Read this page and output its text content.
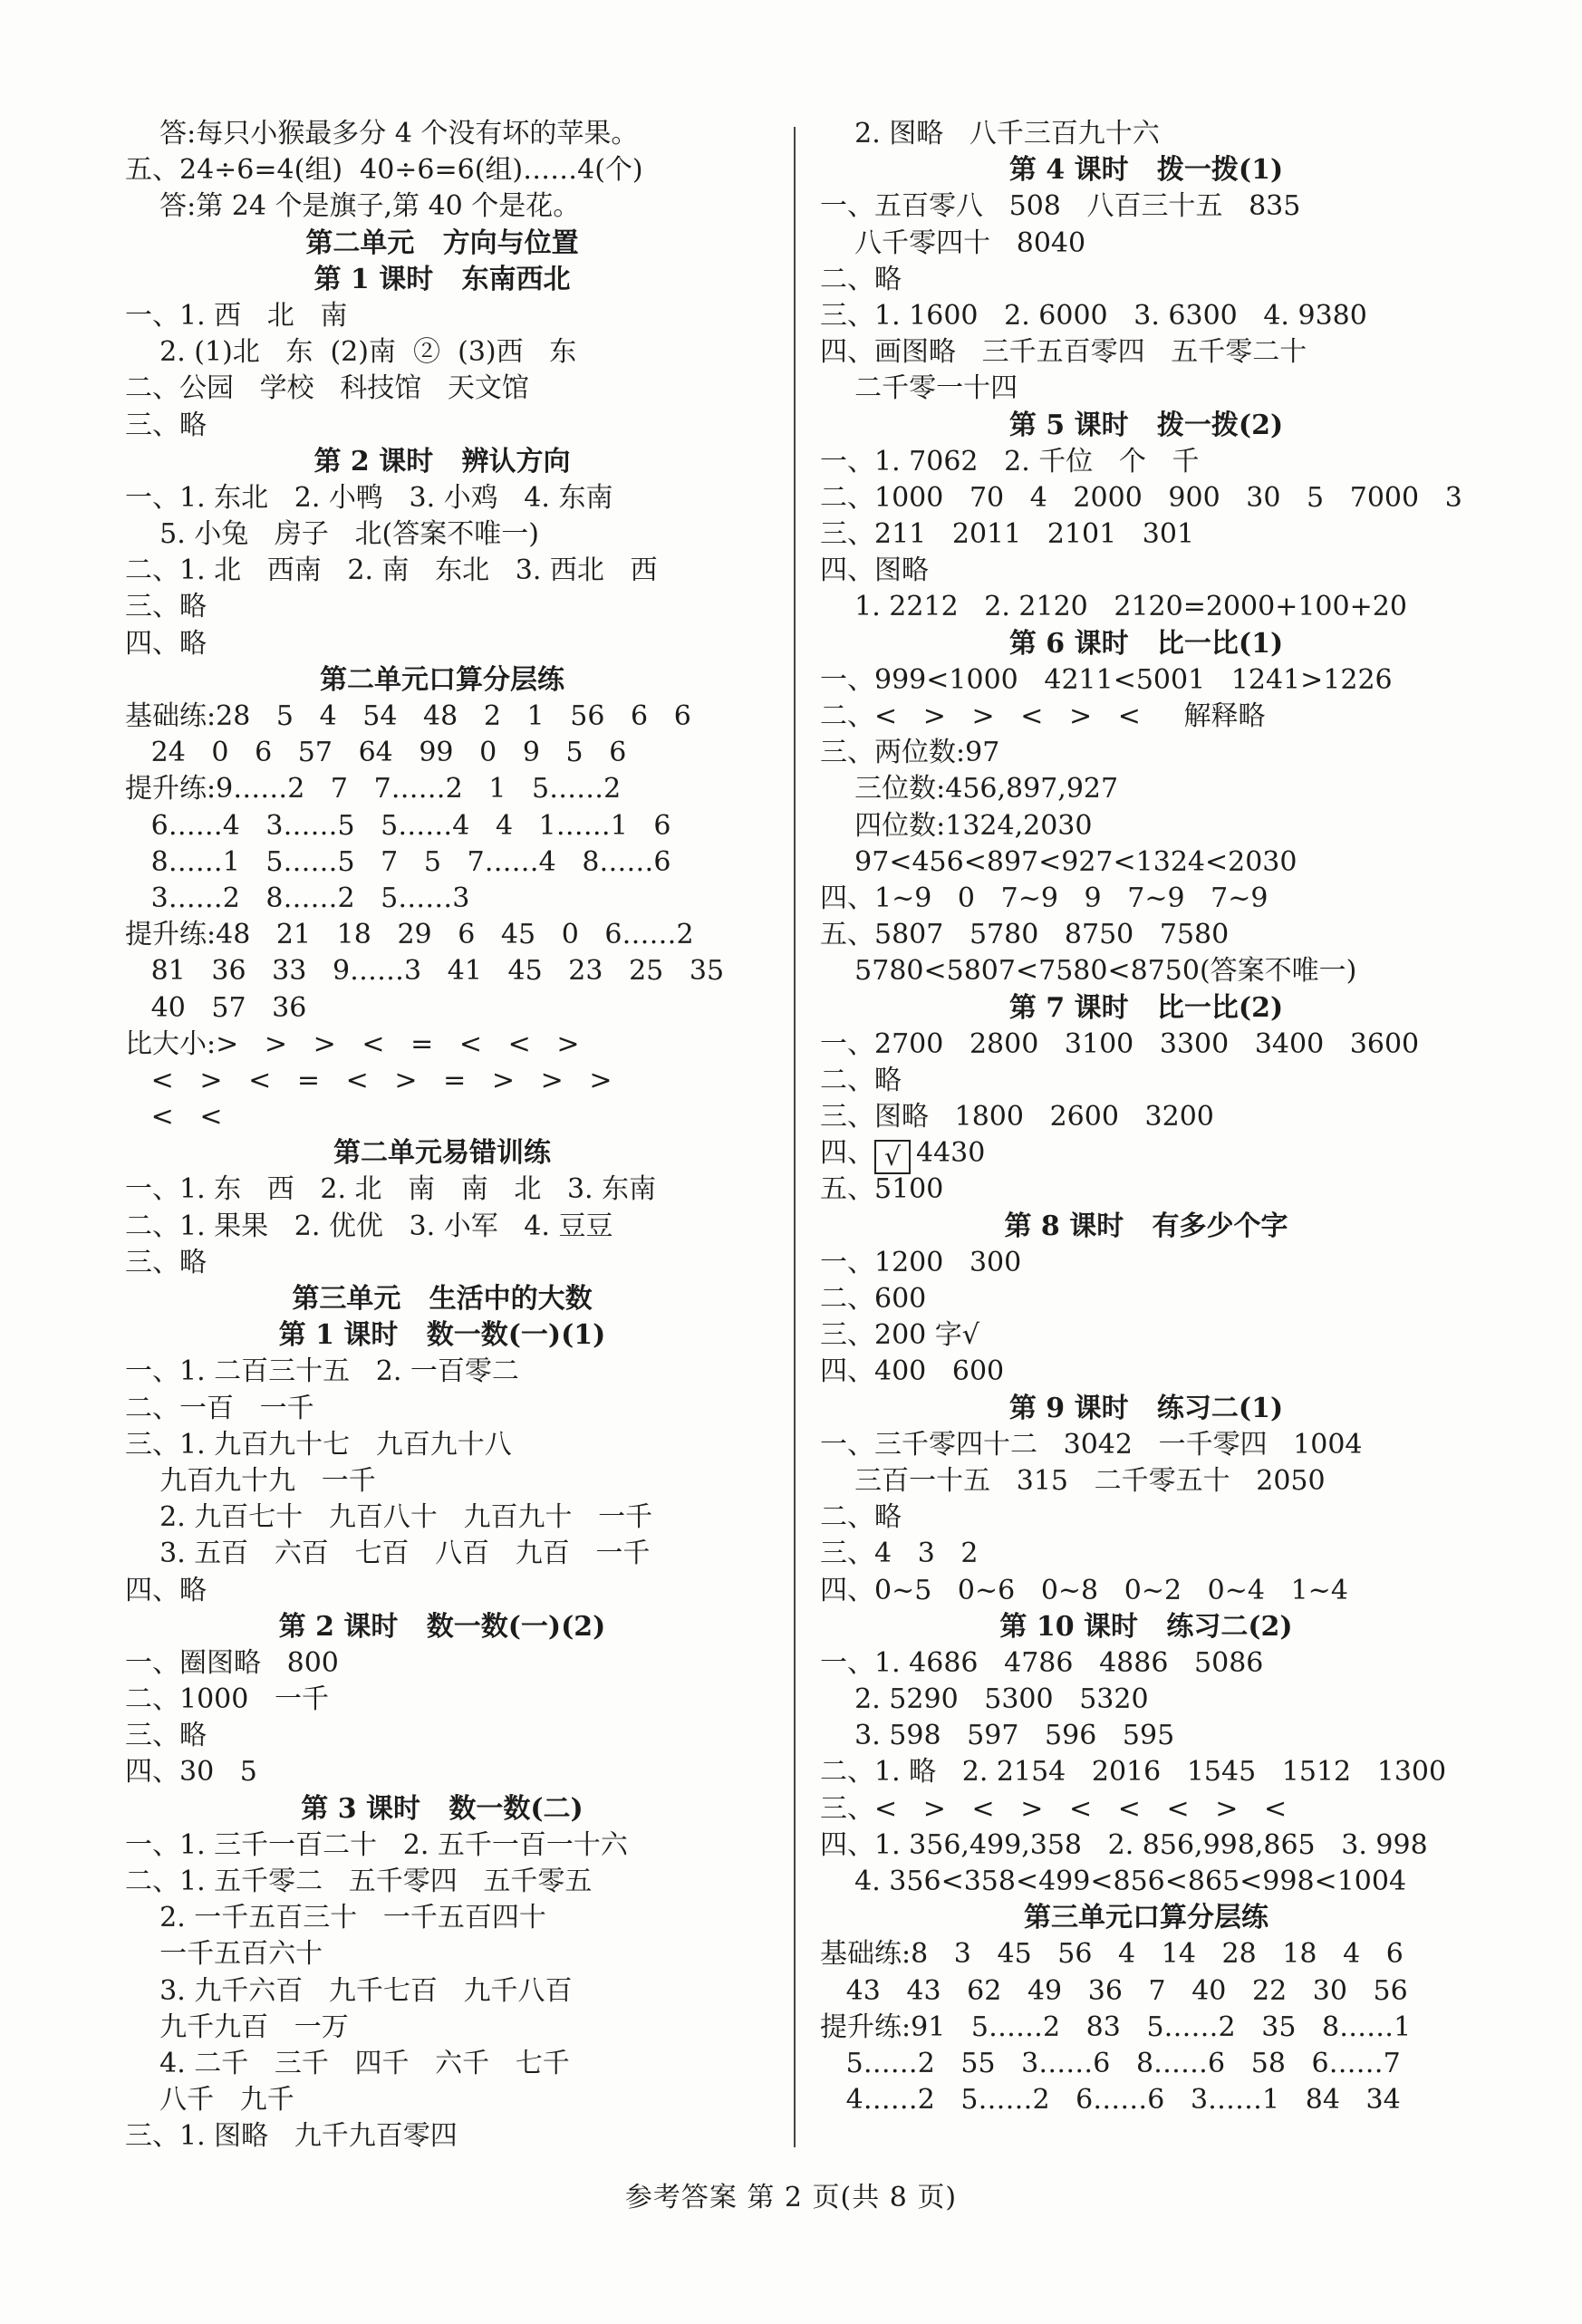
答:每只小猴最多分 4 个没有坏的苹果。
五、24÷6=4(组)  40÷6=6(组)……4(个)
答:第 24 个是旗子,第 40 个是花。
第二单元   方向与位置
第 1 课时   东南西北
一、1. 西   北   南
2. (1)北   东  (2)南  ②  (3)西   东
二、公园   学校   科技馆   天文馆
三、略
第 2 课时   辨认方向
一、1. 东北   2. 小鸭   3. 小鸡   4. 东南
5. 小兔   房子   北(答案不唯一)
二、1. 北   西南   2. 南   东北   3. 西北   西
三、略
四、略
第二单元口算分层练
基础练:28   5   4   54   48   2   1   56   6   6
24   0   6   57   64   99   0   9   5   6
提升练:9……2   7   7……2   1   5……2
6……4   3……5   5……4   4   1……1   6
8……1   5……5   7   5   7……4   8……6
3……2   8……2   5……3
提升练:48   21   18   29   6   45   0   6……2
81   36   33   9……3   41   45   23   25   35
40   57   36
比大小:>   >   >   <   =   <   <   >
<   >   <   =   <   >   =   >   >   >
<   <
第二单元易错训练
一、1. 东   西   2. 北   南   南   北   3. 东南
二、1. 果果   2. 优优   3. 小军   4. 豆豆
三、略
第三单元   生活中的大数
第 1 课时   数一数(一)(1)
一、1. 二百三十五   2. 一百零二
二、一百   一千
三、1. 九百九十七   九百九十八
九百九十九   一千
2. 九百七十   九百八十   九百九十   一千
3. 五百   六百   七百   八百   九百   一千
四、略
第 2 课时   数一数(一)(2)
一、圈图略   800
二、1000   一千
三、略
四、30   5
第 3 课时   数一数(二)
一、1. 三千一百二十   2. 五千一百一十六
二、1. 五千零二   五千零四   五千零五
2. 一千五百三十   一千五百四十
一千五百六十
3. 九千六百   九千七百   九千八百
九千九百   一万
4. 二千   三千   四千   六千   七千
八千   九千
三、1. 图略   九千九百零四
2. 图略   八千三百九十六
第 4 课时   拨一拨(1)
一、五百零八   508   八百三十五   835
八千零四十   8040
二、略
三、1. 1600   2. 6000   3. 6300   4. 9380
四、画图略   三千五百零四   五千零二十
二千零一十四
第 5 课时   拨一拨(2)
一、1. 7062   2. 千位   个   千
二、1000   70   4   2000   900   30   5   7000   3
三、211   2011   2101   301
四、图略
1. 2212   2. 2120   2120=2000+100+20
第 6 课时   比一比(1)
一、999<1000   4211<5001   1241>1226
二、<   >   >   <   >   <     解释略
三、两位数:97
三位数:456,897,927
四位数:1324,2030
97<456<897<927<1324<2030
四、1~9   0   7~9   9   7~9   7~9
五、5807   5780   8750   7580
5780<5807<7580<8750(答案不唯一)
第 7 课时   比一比(2)
一、2700   2800   3100   3300   3400   3600
二、略
三、图略   1800   2600   3200
四、 √ 4430
五、5100
第 8 课时   有多少个字
一、1200   300
二、600
三、200 字√
四、400   600
第 9 课时   练习二(1)
一、三千零四十二   3042   一千零四   1004
三百一十五   315   二千零五十   2050
二、略
三、4   3   2
四、0~5   0~6   0~8   0~2   0~4   1~4
第 10 课时   练习二(2)
一、1. 4686   4786   4886   5086
2. 5290   5300   5320
3. 598   597   596   595
二、1. 略   2. 2154   2016   1545   1512   1300
三、<   >   <   >   <   <   <   >   <
四、1. 356,499,358   2. 856,998,865   3. 998
4. 356<358<499<856<865<998<1004
第三单元口算分层练
基础练:8   3   45   56   4   14   28   18   4   6
43   43   62   49   36   7   40   22   30   56
提升练:91   5……2   83   5……2   35   8……1
5……2   55   3……6   8……6   58   6……7
4……2   5……2   6……6   3……1   84   34
参考答案 第 2 页(共 8 页)
